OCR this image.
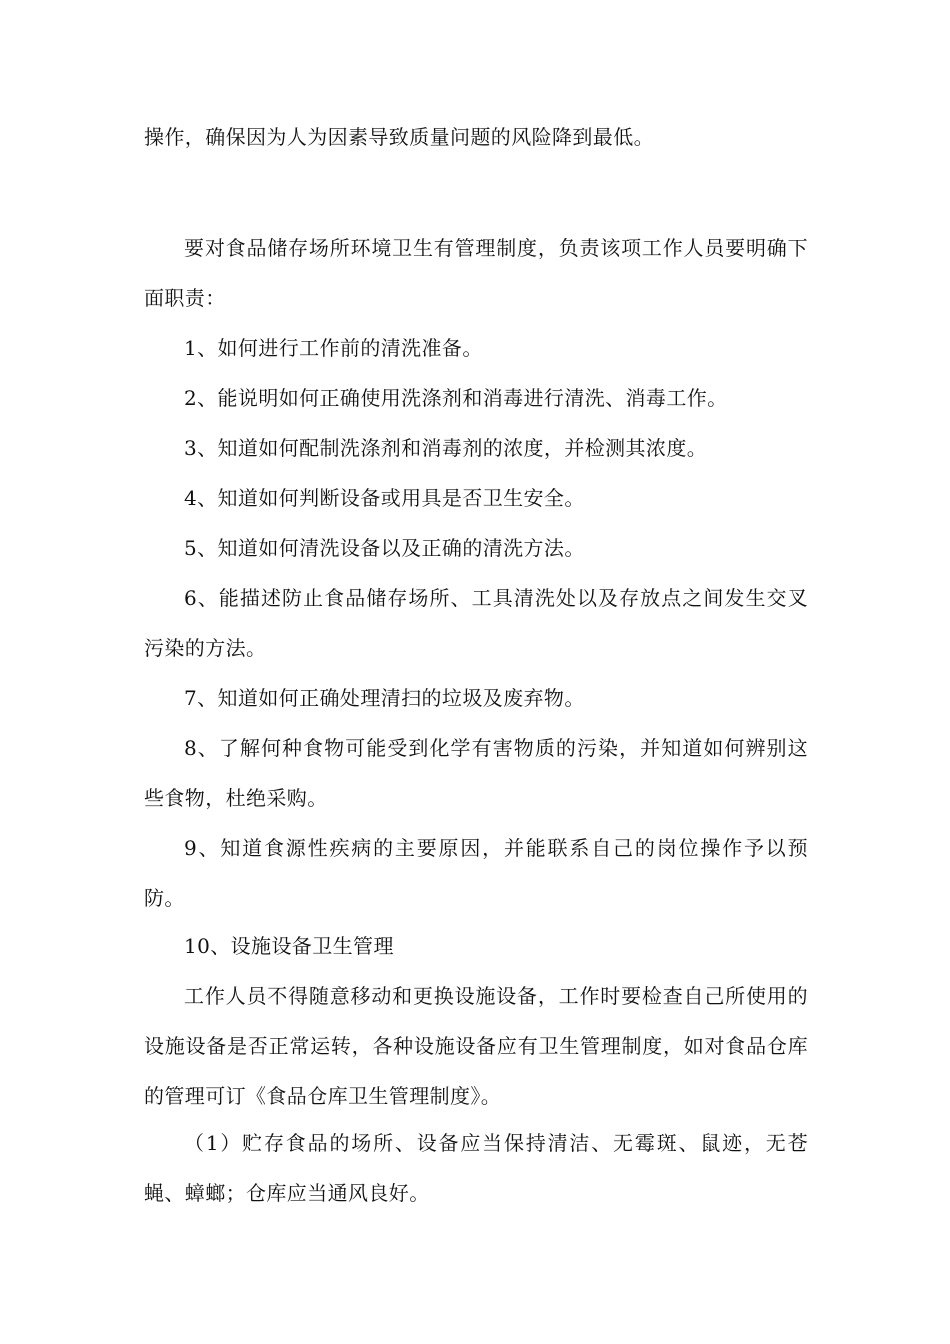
操作，确保因为人为因素导致质量问题的风险降到最低。

要对食品储存场所环境卫生有管理制度，负责该项工作人员要明确下面职责：

1、如何进行工作前的清洗准备。

2、能说明如何正确使用洗涤剂和消毒进行清洗、消毒工作。

3、知道如何配制洗涤剂和消毒剂的浓度，并检测其浓度。

4、知道如何判断设备或用具是否卫生安全。

5、知道如何清洗设备以及正确的清洗方法。

6、能描述防止食品储存场所、工具清洗处以及存放点之间发生交叉污染的方法。

7、知道如何正确处理清扫的垃圾及废弃物。

8、了解何种食物可能受到化学有害物质的污染，并知道如何辨别这些食物，杜绝采购。

9、知道食源性疾病的主要原因，并能联系自己的岗位操作予以预防。

10、设施设备卫生管理

工作人员不得随意移动和更换设施设备，工作时要检查自己所使用的设施设备是否正常运转，各种设施设备应有卫生管理制度，如对食品仓库的管理可订《食品仓库卫生管理制度》。

（1）贮存食品的场所、设备应当保持清洁、无霉斑、鼠迹，无苍蝇、蟑螂；仓库应当通风良好。
